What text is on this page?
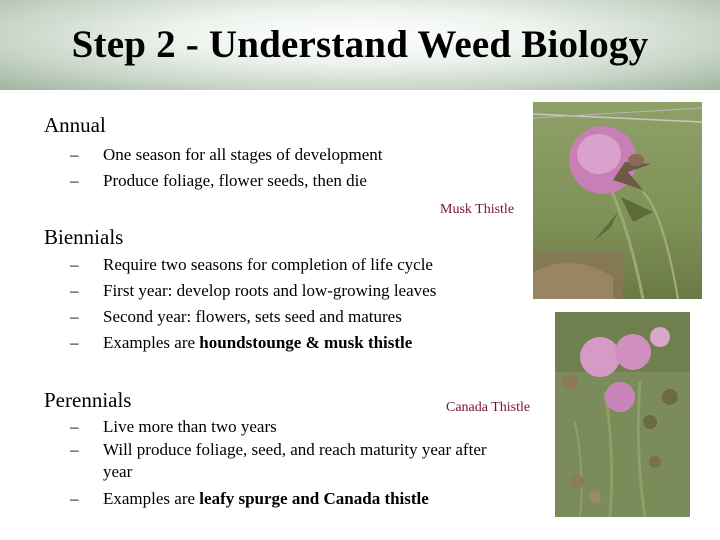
Step 2 - Understand Weed Biology
Annual
– One season for all stages of development
– Produce foliage, flower seeds, then die
Musk Thistle
Biennials
– Require two seasons for completion of life cycle
– First year: develop roots and low-growing leaves
– Second year: flowers, sets seed and matures
– Examples are houndstounge & musk thistle
Perennials	Canada Thistle
– Live more than two years
– Will produce foliage, seed, and reach maturity year after year
– Examples are leafy spurge and Canada thistle
